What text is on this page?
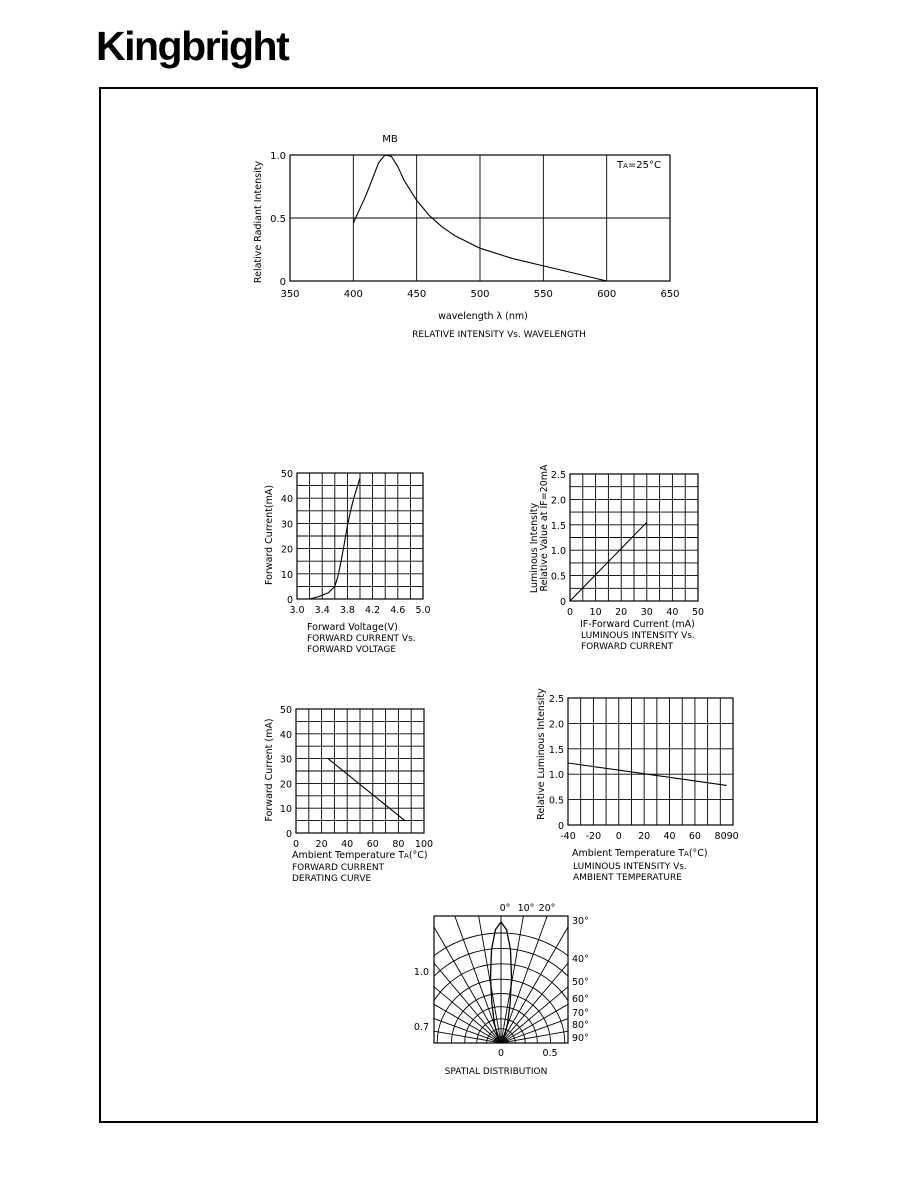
Kingbright
350	400	450	500	550	600	650
0
0.5
1.0
MB
TA=25°C
wavelength λ (nm)
Relative Radiant Intensity
RELATIVE INTENSITY Vs. WAVELENGTH
3.0 3.4 3.8 4.2 4.6 5.0
0
10
20
30
40
50
Forward Voltage(V)
Forward Current(mA)
FORWARD CURRENT Vs.
FORWARD VOLTAGE
0 10 20 30 40 50
0
0.5
1.0
1.5
2.0
2.5
IF-Forward Current (mA)
Luminous Intensity Relative Value at IF=20mA
LUMINOUS INTENSITY Vs.
FORWARD CURRENT
0 20 40 60 80 100
0
10
20
30
40
50
Ambient Temperature TA(°C)
Forward Current (mA)
FORWARD CURRENT
DERATING CURVE
-40 -20 0 20 40 60 8090
0
0.5
1.0
1.5
2.0
2.5
Ambient Temperature TA(°C)
Relative Luminous Intensity
LUMINOUS INTENSITY Vs.
AMBIENT TEMPERATURE
0° 10° 20°
30°
40°
50°
60°
70°
80°
90°
1.0
0.7
0	0.5
SPATIAL DISTRIBUTION
